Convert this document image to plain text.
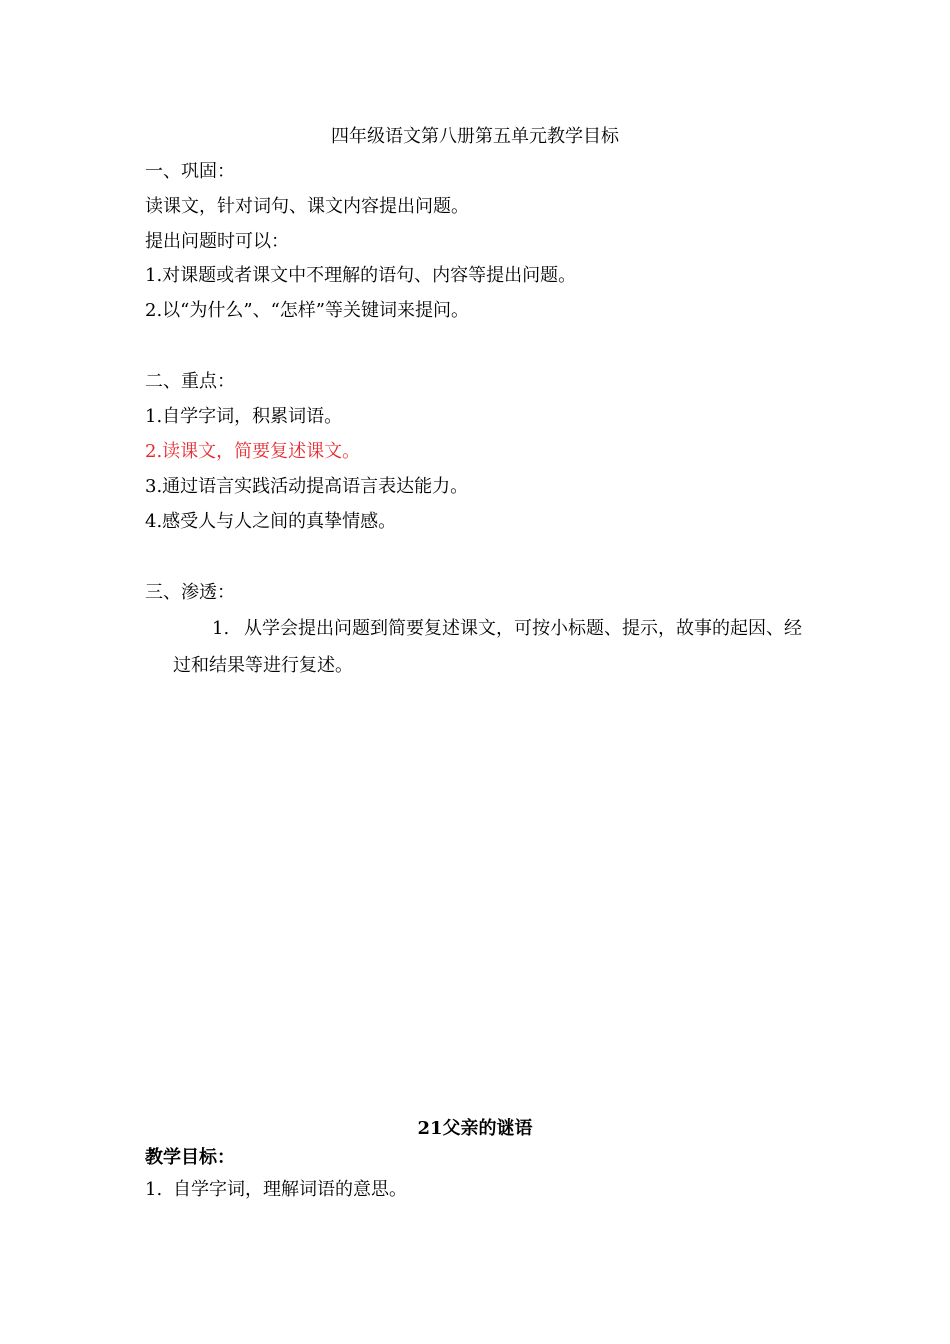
四年级语文第八册第五单元教学目标
一、巩固：
读课文，针对词句、课文内容提出问题。
提出问题时可以：
1.对课题或者课文中不理解的语句、内容等提出问题。
2.以“为什么”、“怎样”等关键词来提问。
二、重点：
1.自学字词，积累词语。
2.读课文，简要复述课文。
3.通过语言实践活动提高语言表达能力。
4.感受人与人之间的真挚情感。
三、渗透：
1. 从学会提出问题到简要复述课文，可按小标题、提示，故事的起因、经
过和结果等进行复述。
21父亲的谜语
教学目标：
1. 自学字词，理解词语的意思。
